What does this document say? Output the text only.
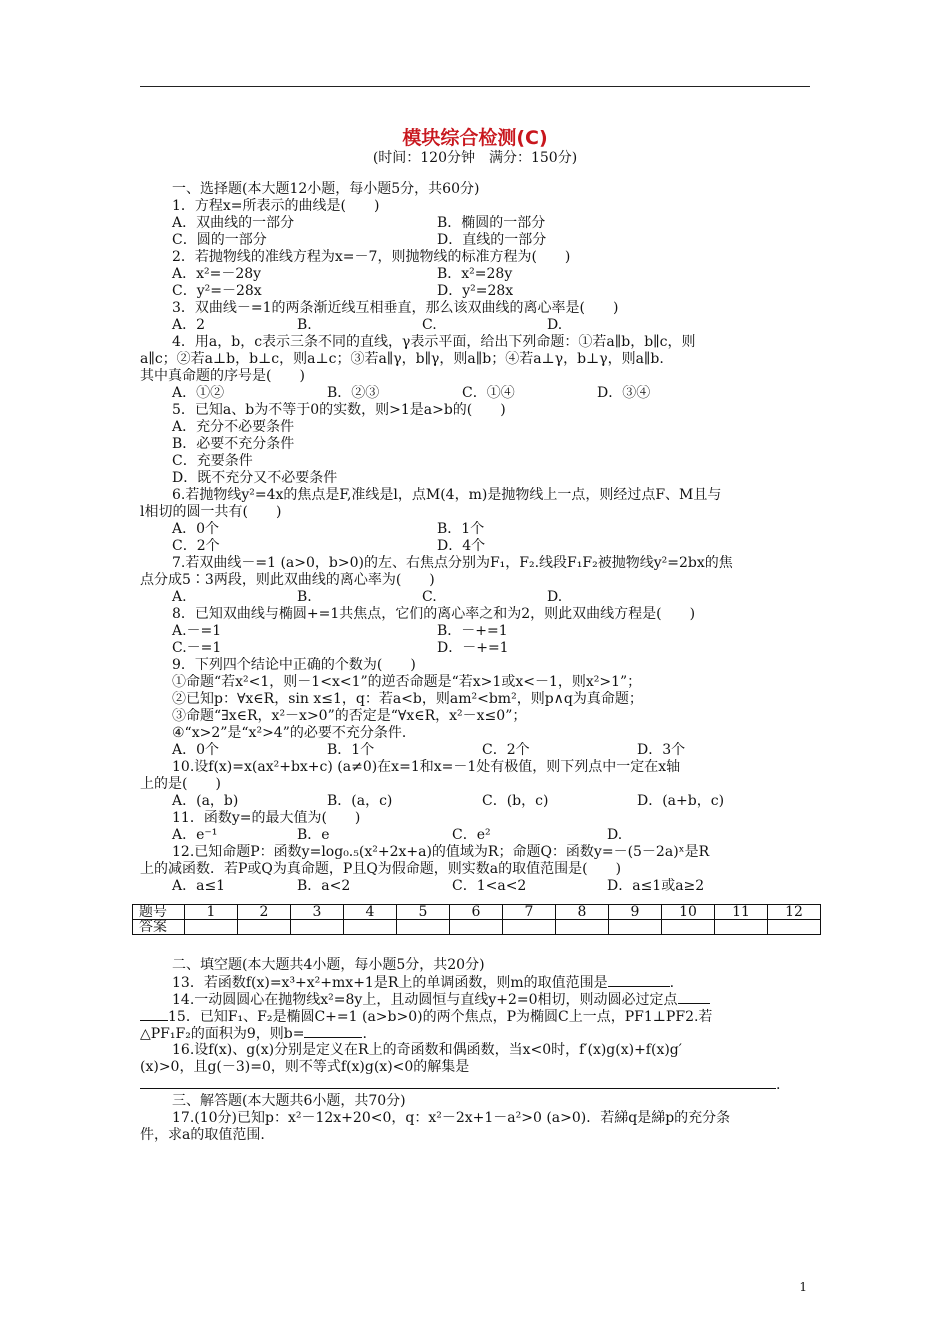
模块综合检测(C)
(时间：120分钟　满分：150分)
一、选择题(本大题12小题，每小题5分，共60分)
1．方程x=所表示的曲线是(　　)
A．双曲线的一部分	B．椭圆的一部分
C．圆的一部分	D．直线的一部分
2．若抛物线的准线方程为x=－7，则抛物线的标准方程为(　　)
A．x²=－28y	B．x²=28y
C．y²=－28x	D．y²=28x
3．双曲线－=1的两条渐近线互相垂直，那么该双曲线的离心率是(　　)
A．2	B.	C.	D.
4．用a，b，c表示三条不同的直线，γ表示平面，给出下列命题：①若a∥b，b∥c，则
a∥c；②若a⊥b，b⊥c，则a⊥c；③若a∥γ，b∥γ，则a∥b；④若a⊥γ，b⊥γ，则a∥b.
其中真命题的序号是(　　)
A．①②	B．②③	C．①④	D．③④
5．已知a、b为不等于0的实数，则>1是a>b的(　　)
A．充分不必要条件
B．必要不充分条件
C．充要条件
D．既不充分又不必要条件
6.若抛物线y²=4x的焦点是F,准线是l，点M(4，m)是抛物线上一点，则经过点F、M且与
l相切的圆一共有(　　)
A．0个	B．1个
C．2个	D．4个
7.若双曲线－=1 (a>0，b>0)的左、右焦点分别为F₁，F₂.线段F₁F₂被抛物线y²=2bx的焦
点分成5∶3两段，则此双曲线的离心率为(　　)
A.	B.	C.	D.
8．已知双曲线与椭圆+=1共焦点，它们的离心率之和为2，则此双曲线方程是(　　)
A.－=1	B．－+=1
C.－=1	D．－+=1
9．下列四个结论中正确的个数为(　　)
①命题“若x²<1，则－1<x<1”的逆否命题是“若x>1或x<－1，则x²>1”；
②已知p：∀x∈R，sin x≤1，q：若a<b，则am²<bm²，则p∧q为真命题；
③命题“∃x∈R，x²－x>0”的否定是“∀x∈R，x²－x≤0”；
④“x>2”是“x²>4”的必要不充分条件．
A．0个	B．1个	C．2个	D．3个
10.设f(x)=x(ax²+bx+c) (a≠0)在x=1和x=－1处有极值，则下列点中一定在x轴
上的是(　　)
A．(a，b)	B．(a，c)	C．(b，c)	D．(a+b，c)
11．函数y=的最大值为(　　)
A．e⁻¹	B．e	C．e²	D.
12.已知命题P：函数y=log₀.₅(x²+2x+a)的值域为R；命题Q：函数y=－(5－2a)ˣ是R
上的减函数．若P或Q为真命题，P且Q为假命题，则实数a的取值范围是(　　)
A．a≤1	B．a<2	C．1<a<2	D．a≤1或a≥2
题号	1	2	3	4	5	6	7	8	9	10	11	12
答案												
二、填空题(本大题共4小题，每小题5分，共20分)
13．若函数f(x)=x³+x²+mx+1是R上的单调函数，则m的取值范围是	.
14.一动圆圆心在抛物线x²=8y上，且动圆恒与直线y+2=0相切，则动圆必过定点
15．已知F₁、F₂是椭圆C+=1 (a>b>0)的两个焦点，P为椭圆C上一点，PF1⊥PF2.若
△PF₁F₂的面积为9，则b=	.
16.设f(x)、g(x)分别是定义在R上的奇函数和偶函数，当x<0时，f′(x)g(x)+f(x)g′
(x)>0，且g(－3)=0，则不等式f(x)g(x)<0的解集是
.
三、解答题(本大题共6小题，共70分)
17.(10分)已知p：x²－12x+20<0，q：x²－2x+1－a²>0 (a>0)．若綈q是綈p的充分条
件，求a的取值范围.
1
